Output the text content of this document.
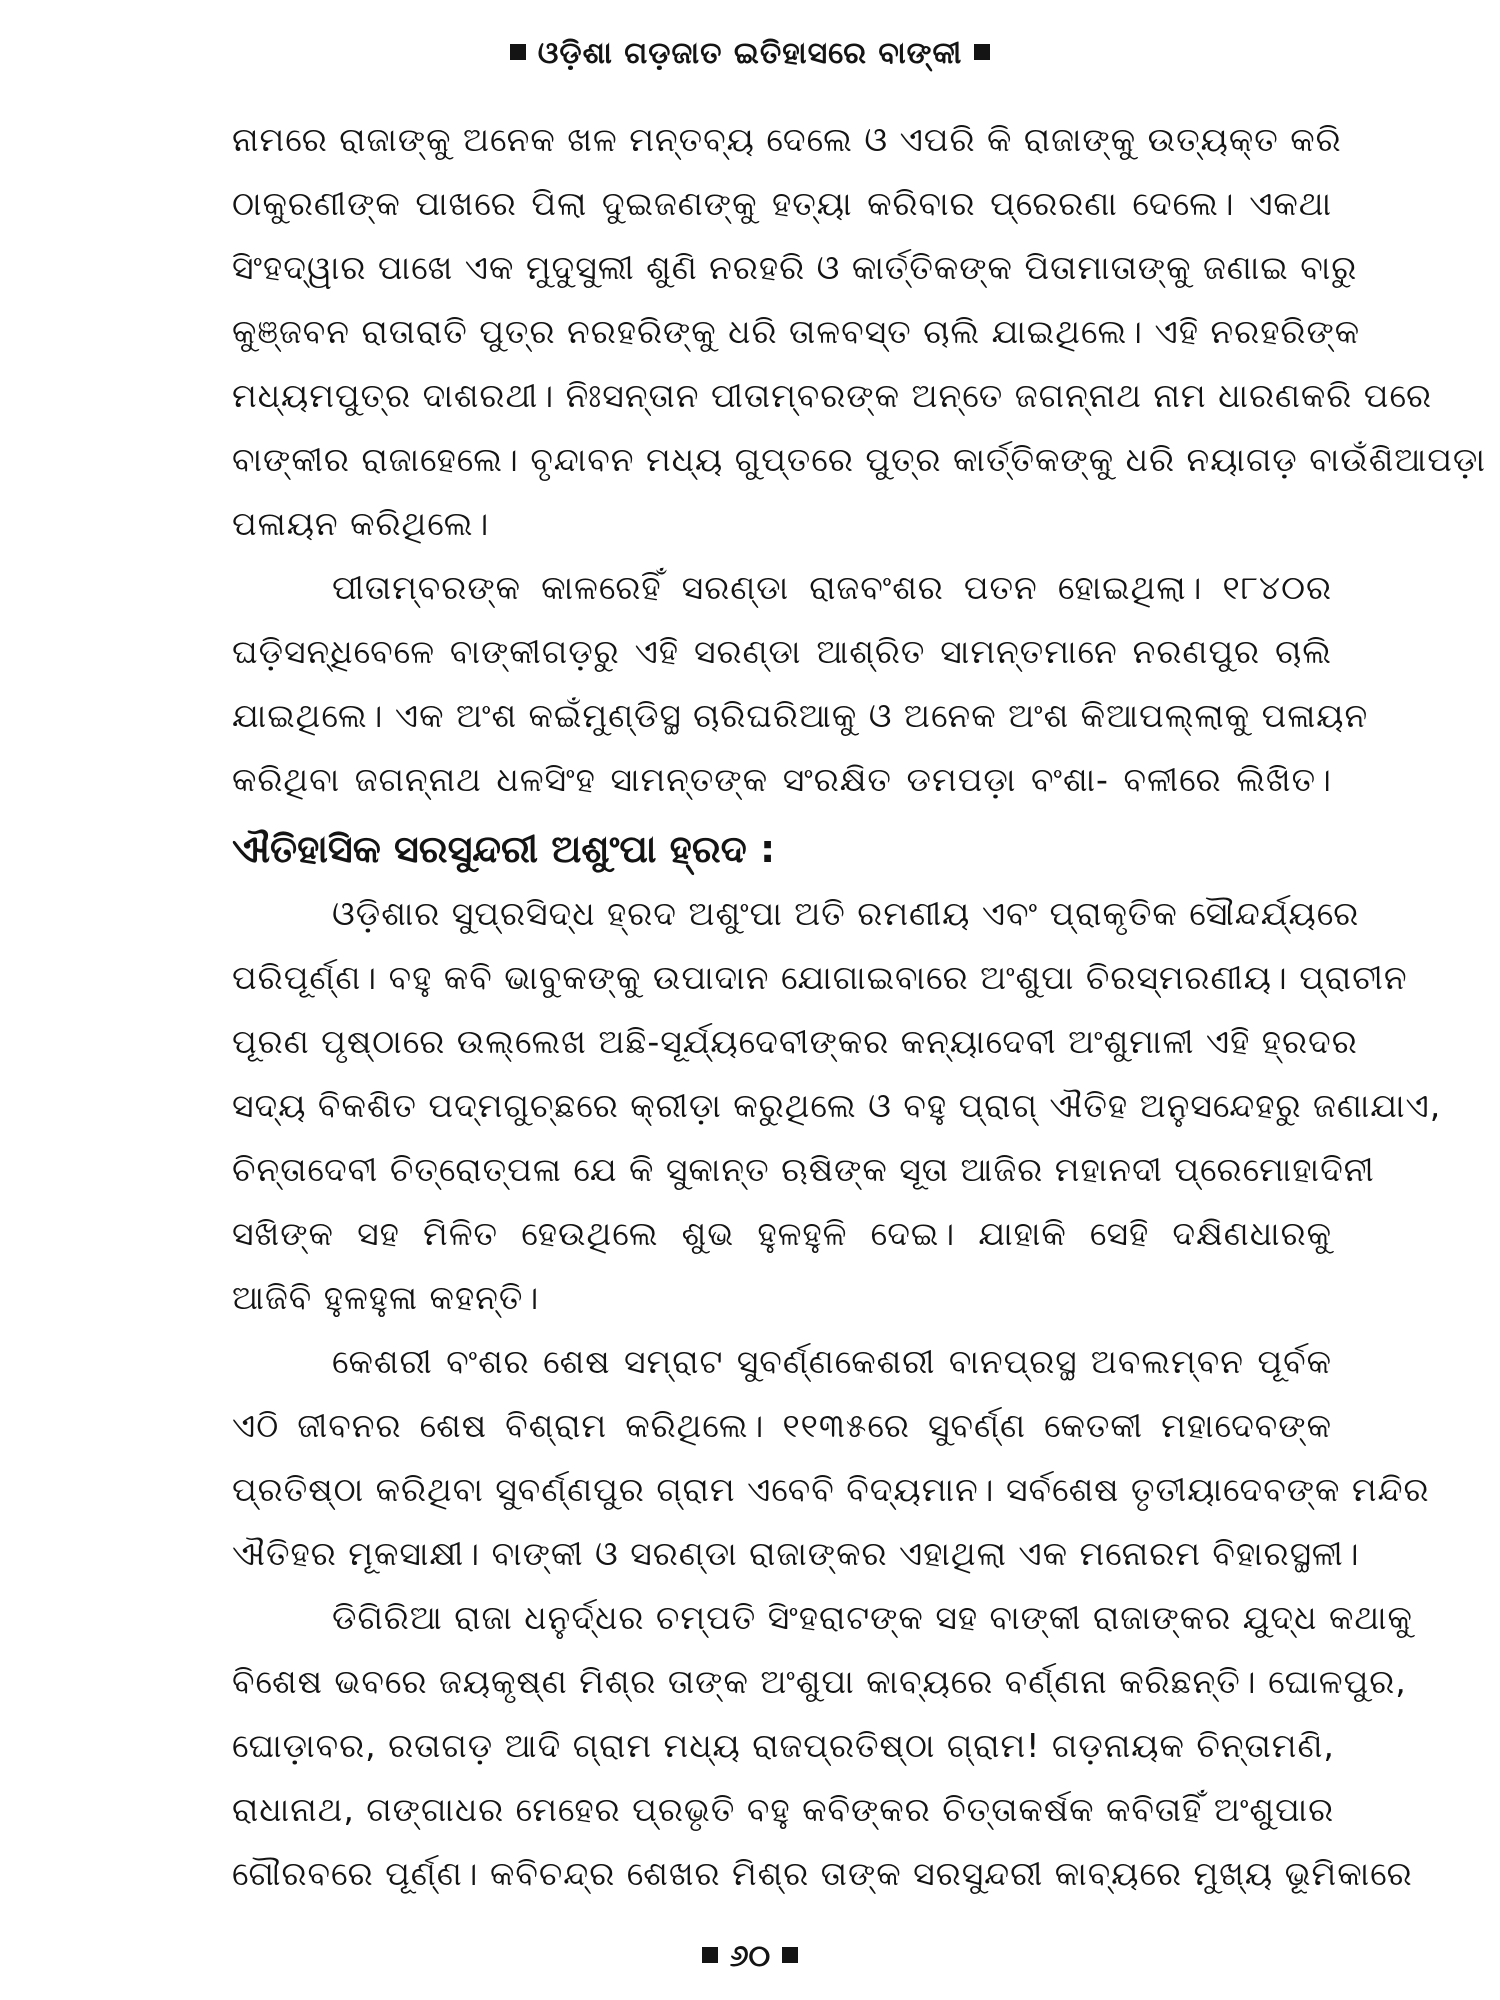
ଓଡ଼ିଶା ଗଡ଼ଜାତ ଇତିହାସରେ ବାଙ୍କୀ
ନାମରେ ରାଜାଙ୍କୁ ଅନେକ ଖଳ ମନ୍ତବ୍ୟ ଦେଲେ ଓ ଏପରି କି ରାଜାଙ୍କୁ ଉତ୍ୟକ୍ତ କରି
ଠାକୁରଣୀଙ୍କ ପାଖରେ ପିଲା ଦୁଇଜଣଙ୍କୁ ହତ୍ୟା କରିବାର ପ୍ରେରଣା ଦେଲେ। ଏକଥା
ସିଂହଦ୍ୱାର ପାଖେ ଏକ ମୁଦୁସୁଲୀ ଶୁଣି ନରହରି ଓ କାର୍ତ୍ତିକଙ୍କ ପିତାମାତାଙ୍କୁ ଜଣାଇ ବାରୁ
କୁଞ୍ଜବନ ରାତାରାତି ପୁତ୍ର ନରହରିଙ୍କୁ ଧରି ତାଳବସ୍ତ ଚାଲି ଯାଇଥିଲେ। ଏହି ନରହରିଙ୍କ
ମଧ୍ୟମପୁତ୍ର ଦାଶରଥୀ। ନିଃସନ୍ତାନ ପୀତାମ୍ବରଙ୍କ ଅନ୍ତେ ଜଗନ୍ନାଥ ନାମ ଧାରଣକରି ପରେ
ବାଙ୍କୀର ରାଜାହେଲେ। ବୃନ୍ଦାବନ ମଧ୍ୟ ଗୁପ୍ତରେ ପୁତ୍ର କାର୍ତ୍ତିକଙ୍କୁ ଧରି ନୟାଗଡ଼ ବାଉଁଶିଆପଡ଼ା
ପଳାୟନ କରିଥିଲେ।
ପୀତାମ୍ବରଙ୍କ କାଳରେହିଁ ସରଣ୍ଡା ରାଜବଂଶର ପତନ ହୋଇଥିଲା। ୧୮୪୦ର
ଘଡ଼ିସନ୍ଧିବେଳେ ବାଙ୍କୀଗଡ଼ରୁ ଏହି ସରଣ୍ଡା ଆଶ୍ରିତ ସାମନ୍ତମାନେ ନରଣପୁର ଚାଲି
ଯାଇଥିଲେ। ଏକ ଅଂଶ କଇଁମୁଣ୍ଡିସ୍ଥ ଚାରିଘରିଆକୁ ଓ ଅନେକ ଅଂଶ କିଆପଲ୍ଲାକୁ ପଳାୟନ
କରିଥିବା ଜଗନ୍ନାଥ ଧଳସିଂହ ସାମନ୍ତଙ୍କ ସଂରକ୍ଷିତ ଡମପଡ଼ା ବଂଶା- ବଳୀରେ ଲିଖିତ।
ଐତିହାସିକ ସରସୁନ୍ଦରୀ ଅଶୁଂପା ହ୍ରଦ :
ଓଡ଼ିଶାର ସୁପ୍ରସିଦ୍ଧ ହ୍ରଦ ଅଶୁଂପା ଅତି ରମଣୀୟ ଏବଂ ପ୍ରାକୃତିକ ସୌନ୍ଦର୍ଯ୍ୟରେ
ପରିପୂର୍ଣ୍ଣ। ବହୁ କବି ଭାବୁକଙ୍କୁ ଉପାଦାନ ଯୋଗାଇବାରେ ଅଂଶୁପା ଚିରସ୍ମରଣୀୟ। ପ୍ରାଚୀନ
ପୂରଣ ପୃଷ୍ଠାରେ ଉଲ୍ଲେଖ ଅଛି-ସୂର୍ଯ୍ୟଦେବୀଙ୍କର କନ୍ୟାଦେବୀ ଅଂଶୁମାଳୀ ଏହି ହ୍ରଦର
ସଦ୍ୟ ବିକଶିତ ପଦ୍ମଗୁଚ୍ଛରେ କ୍ରୀଡ଼ା କରୁଥିଲେ ଓ ବହୁ ପ୍ରାଗ୍ ଐତିହ ଅନୁସନ୍ଦେହରୁ ଜଣାଯାଏ,
ଚିନ୍ତାଦେବୀ ଚିତ୍ରୋତ୍ପଳା ଯେ କି ସୁକାନ୍ତ ଋଷିଙ୍କ ସୂତା ଆଜିର ମହାନଦୀ ପ୍ରେମୋହାଦିନୀ
ସଖିଙ୍କ ସହ ମିଳିତ ହେଉଥିଲେ ଶୁଭ ହୁଳହୁଳି ଦେଇ। ଯାହାକି ସେହି ଦକ୍ଷିଣଧାରକୁ
ଆଜିବି ହୁଳହୁଳା କହନ୍ତି।
କେଶରୀ ବଂଶର ଶେଷ ସମ୍ରାଟ ସୁବର୍ଣ୍ଣକେଶରୀ ବାନପ୍ରସ୍ଥ ଅବଲମ୍ବନ ପୂର୍ବକ
ଏଠି ଜୀବନର ଶେଷ ବିଶ୍ରାମ କରିଥିଲେ। ୧୧୩୫ରେ ସୁବର୍ଣ୍ଣ କେତକୀ ମହାଦେବଙ୍କ
ପ୍ରତିଷ୍ଠା କରିଥିବା ସୁବର୍ଣ୍ଣପୁର ଗ୍ରାମ ଏବେବି ବିଦ୍ୟମାନ। ସର୍ବଶେଷ ତୃତୀୟାଦେବଙ୍କ ମନ୍ଦିର
ଐତିହର ମୂକସାକ୍ଷୀ। ବାଙ୍କୀ ଓ ସରଣ୍ଡା ରାଜାଙ୍କର ଏହାଥିଲା ଏକ ମନୋରମ ବିହାରସ୍ଥଳୀ।
ଡିଗିରିଆ ରାଜା ଧନୁର୍ଦ୍ଧର ଚମ୍ପତି ସିଂହରାଟଙ୍କ ସହ ବାଙ୍କୀ ରାଜାଙ୍କର ଯୁଦ୍ଧ କଥାକୁ
ବିଶେଷ ଭବରେ ଜୟକୃଷ୍ଣ ମିଶ୍ର ତାଙ୍କ ଅଂଶୁପା କାବ୍ୟରେ ବର୍ଣ୍ଣନା କରିଛନ୍ତି। ଘୋଳପୁର,
ଘୋଡ଼ାବର, ରତାଗଡ଼ ଆଦି ଗ୍ରାମ ମଧ୍ୟ ରାଜପ୍ରତିଷ୍ଠା ଗ୍ରାମ! ଗଡ଼ନାୟକ ଚିନ୍ତାମଣି,
ରାଧାନାଥ, ଗଙ୍ଗାଧର ମେହେର ପ୍ରଭୃତି ବହୁ କବିଙ୍କର ଚିତ୍ତାକର୍ଷକ କବିତାହିଁ ଅଂଶୁପାର
ଗୌରବରେ ପୂର୍ଣ୍ଣ। କବିଚନ୍ଦ୍ର ଶେଖର ମିଶ୍ର ତାଙ୍କ ସରସୁନ୍ଦରୀ କାବ୍ୟରେ ମୁଖ୍ୟ ଭୂମିକାରେ
୬୦
